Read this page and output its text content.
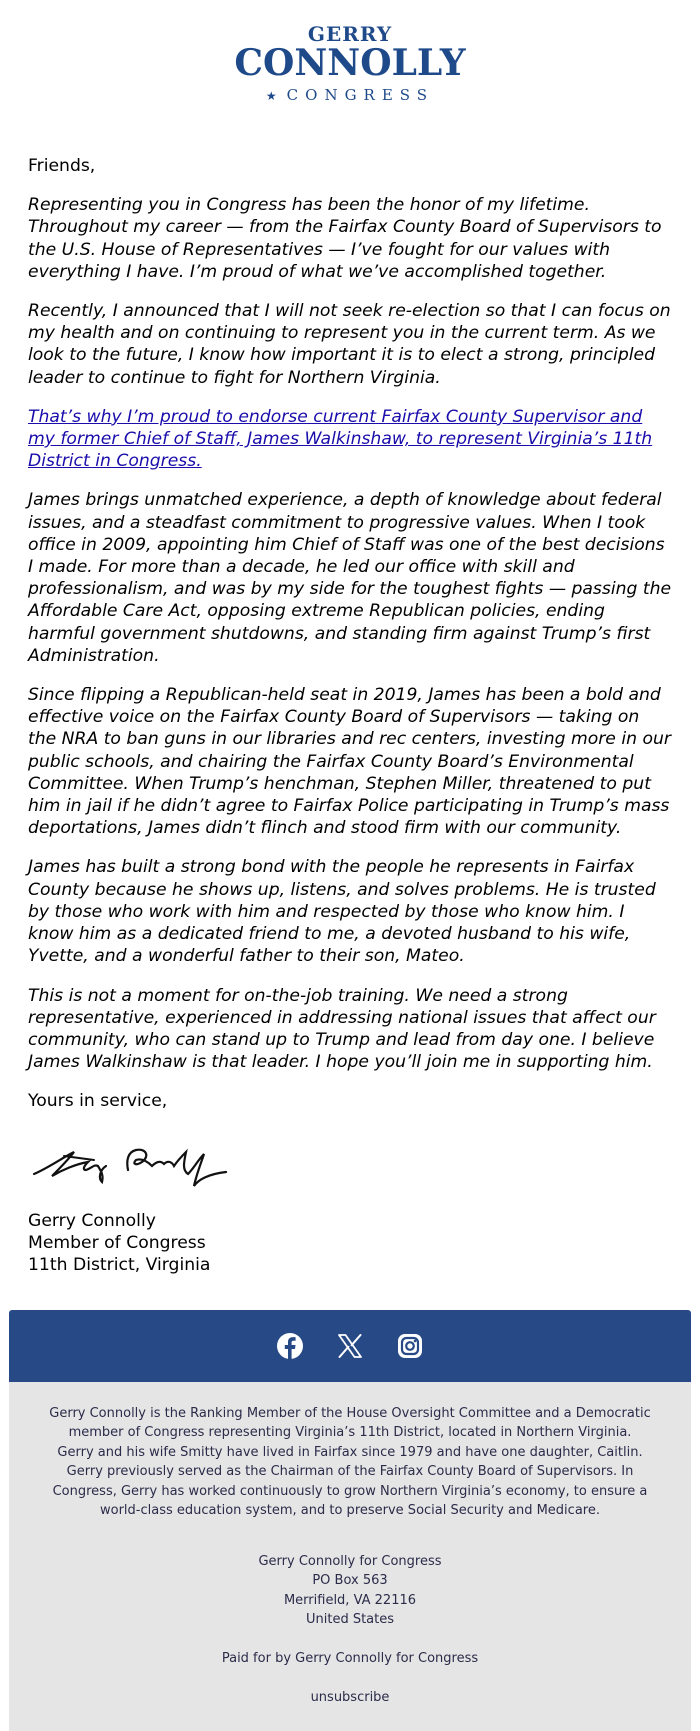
GERRY
CONNOLLY
★ CONGRESS

Friends,

Representing you in Congress has been the honor of my lifetime. Throughout my career — from the Fairfax County Board of Supervisors to the U.S. House of Representatives — I’ve fought for our values with everything I have. I’m proud of what we’ve accomplished together.

Recently, I announced that I will not seek re-election so that I can focus on my health and on continuing to represent you in the current term. As we look to the future, I know how important it is to elect a strong, principled leader to continue to fight for Northern Virginia.

That’s why I’m proud to endorse current Fairfax County Supervisor and my former Chief of Staff, James Walkinshaw, to represent Virginia’s 11th District in Congress.

James brings unmatched experience, a depth of knowledge about federal issues, and a steadfast commitment to progressive values. When I took office in 2009, appointing him Chief of Staff was one of the best decisions I made. For more than a decade, he led our office with skill and professionalism, and was by my side for the toughest fights — passing the Affordable Care Act, opposing extreme Republican policies, ending harmful government shutdowns, and standing firm against Trump’s first Administration.

Since flipping a Republican-held seat in 2019, James has been a bold and effective voice on the Fairfax County Board of Supervisors — taking on the NRA to ban guns in our libraries and rec centers, investing more in our public schools, and chairing the Fairfax County Board’s Environmental Committee. When Trump’s henchman, Stephen Miller, threatened to put him in jail if he didn’t agree to Fairfax Police participating in Trump’s mass deportations, James didn’t flinch and stood firm with our community.

James has built a strong bond with the people he represents in Fairfax County because he shows up, listens, and solves problems. He is trusted by those who work with him and respected by those who know him. I know him as a dedicated friend to me, a devoted husband to his wife, Yvette, and a wonderful father to their son, Mateo.

This is not a moment for on-the-job training. We need a strong representative, experienced in addressing national issues that affect our community, who can stand up to Trump and lead from day one. I believe James Walkinshaw is that leader. I hope you’ll join me in supporting him.

Yours in service,

Gerry Connolly
Member of Congress
11th District, Virginia

Gerry Connolly is the Ranking Member of the House Oversight Committee and a Democratic member of Congress representing Virginia’s 11th District, located in Northern Virginia. Gerry and his wife Smitty have lived in Fairfax since 1979 and have one daughter, Caitlin. Gerry previously served as the Chairman of the Fairfax County Board of Supervisors. In Congress, Gerry has worked continuously to grow Northern Virginia’s economy, to ensure a world-class education system, and to preserve Social Security and Medicare.

Gerry Connolly for Congress
PO Box 563
Merrifield, VA 22116
United States

Paid for by Gerry Connolly for Congress

unsubscribe
